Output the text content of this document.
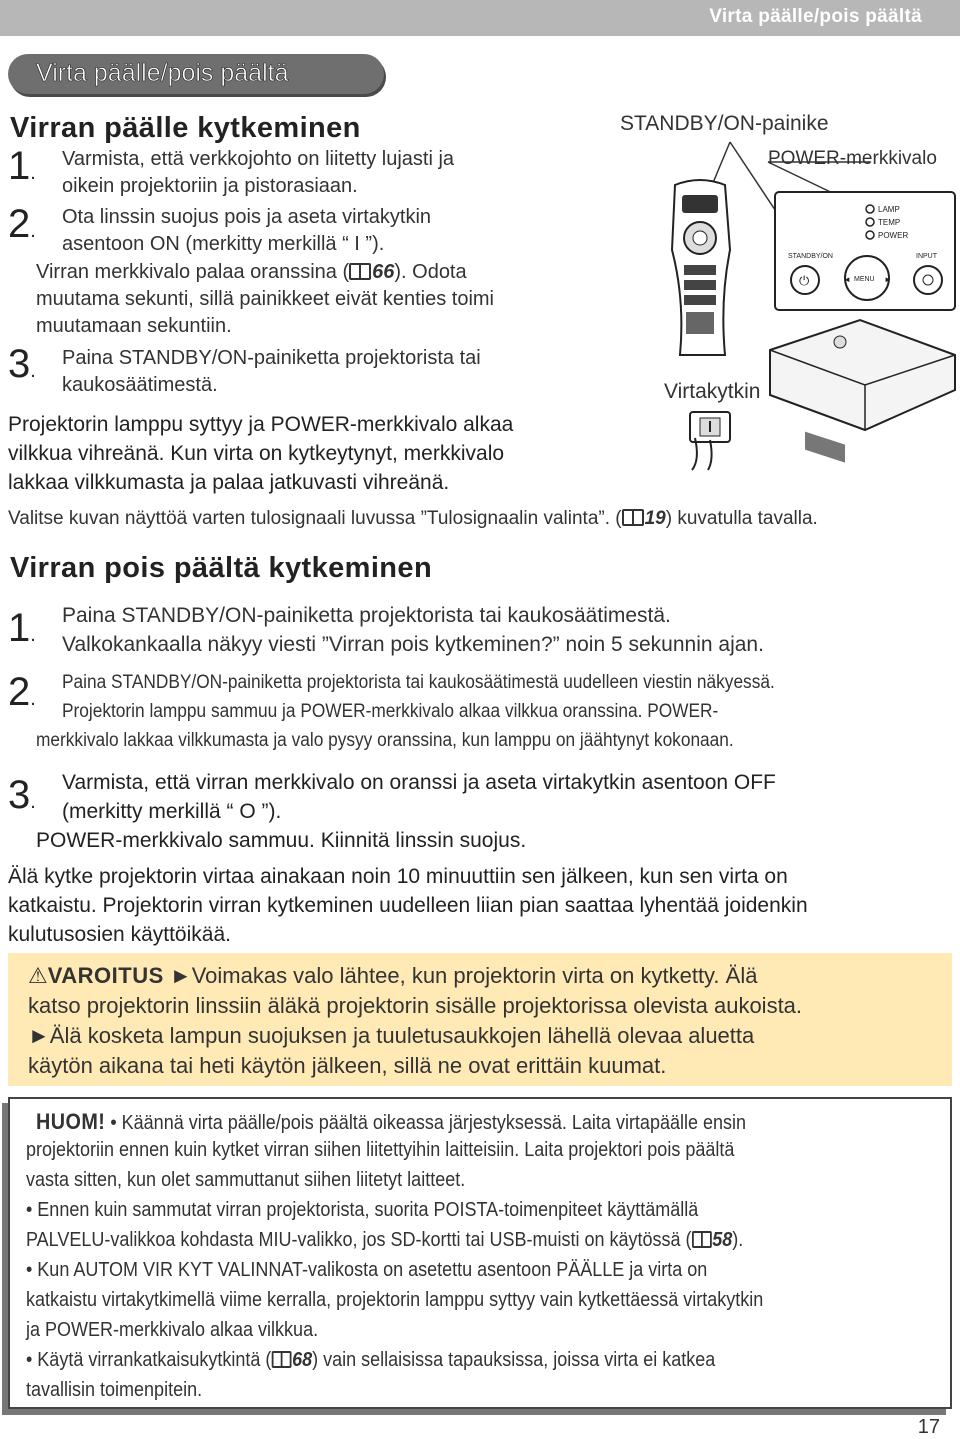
Virta päälle/pois päältä
Virta päälle/pois päältä
Virran päälle kytkeminen
1.
Varmista, että verkkojohto on liitetty lujasti ja
oikein projektoriin ja pistorasiaan.
2.
Ota linssin suojus pois ja aseta virtakytkin
asentoon ON (merkitty merkillä “ I ”).
Virran merkkivalo palaa oranssina ( 66). Odota
muutama sekunti, sillä painikkeet eivät kenties toimi
muutamaan sekuntiin.
3.
Paina STANDBY/ON-painiketta projektorista tai
kaukosäätimestä.
Projektorin lamppu syttyy ja POWER-merkkivalo alkaa
vilkkua vihreänä. Kun virta on kytkeytynyt, merkkivalo
lakkaa vilkkumasta ja palaa jatkuvasti vihreänä.
Valitse kuvan näyttöä varten tulosignaali luvussa ”Tulosignaalin valinta”. ( 19) kuvatulla tavalla.
STANDBY/ON-painike
POWER-merkkivalo
Virtakytkin
LAMP
TEMP
POWER
STANDBY/ON	INPUT
⏻	MENU
◄	►
Virran pois päältä kytkeminen
1.
Paina STANDBY/ON-painiketta projektorista tai kaukosäätimestä.
Valkokankaalla näkyy viesti ”Virran pois kytkeminen?” noin 5 sekunnin ajan.
2.
Paina STANDBY/ON-painiketta projektorista tai kaukosäätimestä uudelleen viestin näkyessä.
Projektorin lamppu sammuu ja POWER-merkkivalo alkaa vilkkua oranssina. POWER-
merkkivalo lakkaa vilkkumasta ja valo pysyy oranssina, kun lamppu on jäähtynyt kokonaan.
3.
Varmista, että virran merkkivalo on oranssi ja aseta virtakytkin asentoon OFF
(merkitty merkillä “ O ”).
POWER-merkkivalo sammuu. Kiinnitä linssin suojus.
Älä kytke projektorin virtaa ainakaan noin 10 minuuttiin sen jälkeen, kun sen virta on
katkaistu. Projektorin virran kytkeminen uudelleen liian pian saattaa lyhentää joidenkin
kulutusosien käyttöikää.
⚠VAROITUS ►Voimakas valo lähtee, kun projektorin virta on kytketty. Älä
katso projektorin linssiin äläkä projektorin sisälle projektorissa olevista aukoista.
►Älä kosketa lampun suojuksen ja tuuletusaukkojen lähellä olevaa aluetta
käytön aikana tai heti käytön jälkeen, sillä ne ovat erittäin kuumat.
HUOM! • Käännä virta päälle/pois päältä oikeassa järjestyksessä. Laita virtapäälle ensin
projektoriin ennen kuin kytket virran siihen liitettyihin laitteisiin. Laita projektori pois päältä
vasta sitten, kun olet sammuttanut siihen liitetyt laitteet.
• Ennen kuin sammutat virran projektorista, suorita POISTA-toimenpiteet käyttämällä
PALVELU-valikkoa kohdasta MIU-valikko, jos SD-kortti tai USB-muisti on käytössä ( 58).
• Kun AUTOM VIR KYT VALINNAT-valikosta on asetettu asentoon PÄÄLLE ja virta on
katkaistu virtakytkimellä viime kerralla, projektorin lamppu syttyy vain kytkettäessä virtakytkin
ja POWER-merkkivalo alkaa vilkkua.
• Käytä virrankatkaisukytkintä ( 68) vain sellaisissa tapauksissa, joissa virta ei katkea
tavallisin toimenpitein.
17
